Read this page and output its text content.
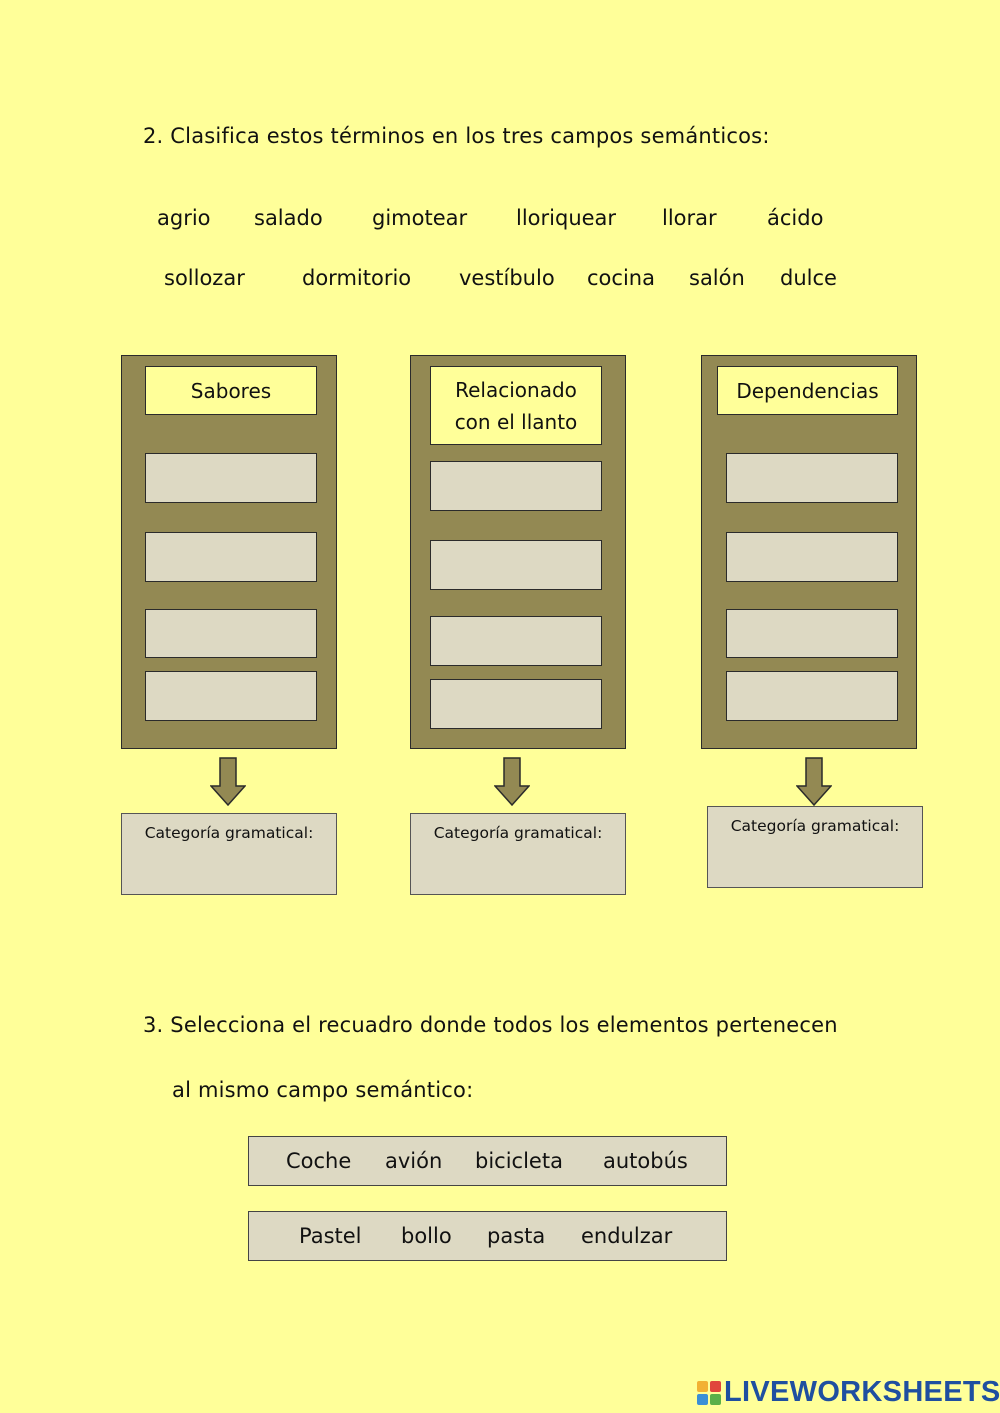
2. Clasifica estos términos en los tres campos semánticos:
agrio salado gimotear lloriquear llorar ácido
sollozar	dormitorio vestíbulo cocina salón dulce
Sabores	Relacionado
con el llanto
Dependencias
Categoría gramatical:	Categoría gramatical:	Categoría gramatical:
3. Selecciona el recuadro donde todos los elementos pertenecen
al mismo campo semántico:
Coche avión bicicleta autobús
Pastel bollo pasta endulzar
LIVEWORKSHEETS
